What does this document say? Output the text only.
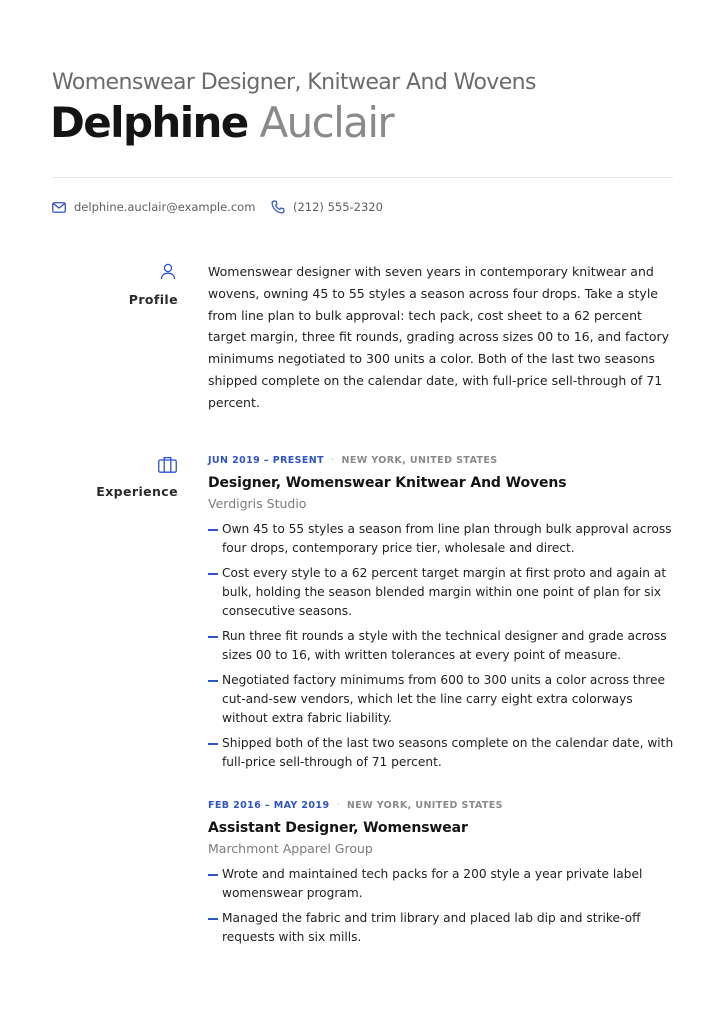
Womenswear Designer, Knitwear And Wovens
Delphine Auclair
delphine.auclair@example.com	(212) 555-2320
Profile
Womenswear designer with seven years in contemporary knitwear and wovens, owning 45 to 55 styles a season across four drops. Take a style from line plan to bulk approval: tech pack, cost sheet to a 62 percent target margin, three fit rounds, grading across sizes 00 to 16, and factory minimums negotiated to 300 units a color. Both of the last two seasons shipped complete on the calendar date, with full-price sell-through of 71 percent.
Experience
JUN 2019 – PRESENT · NEW YORK, UNITED STATES
Designer, Womenswear Knitwear And Wovens
Verdigris Studio
Own 45 to 55 styles a season from line plan through bulk approval across four drops, contemporary price tier, wholesale and direct.
Cost every style to a 62 percent target margin at first proto and again at bulk, holding the season blended margin within one point of plan for six consecutive seasons.
Run three fit rounds a style with the technical designer and grade across sizes 00 to 16, with written tolerances at every point of measure.
Negotiated factory minimums from 600 to 300 units a color across three cut-and-sew vendors, which let the line carry eight extra colorways without extra fabric liability.
Shipped both of the last two seasons complete on the calendar date, with full-price sell-through of 71 percent.
FEB 2016 – MAY 2019 · NEW YORK, UNITED STATES
Assistant Designer, Womenswear
Marchmont Apparel Group
Wrote and maintained tech packs for a 200 style a year private label womenswear program.
Managed the fabric and trim library and placed lab dip and strike-off requests with six mills.
